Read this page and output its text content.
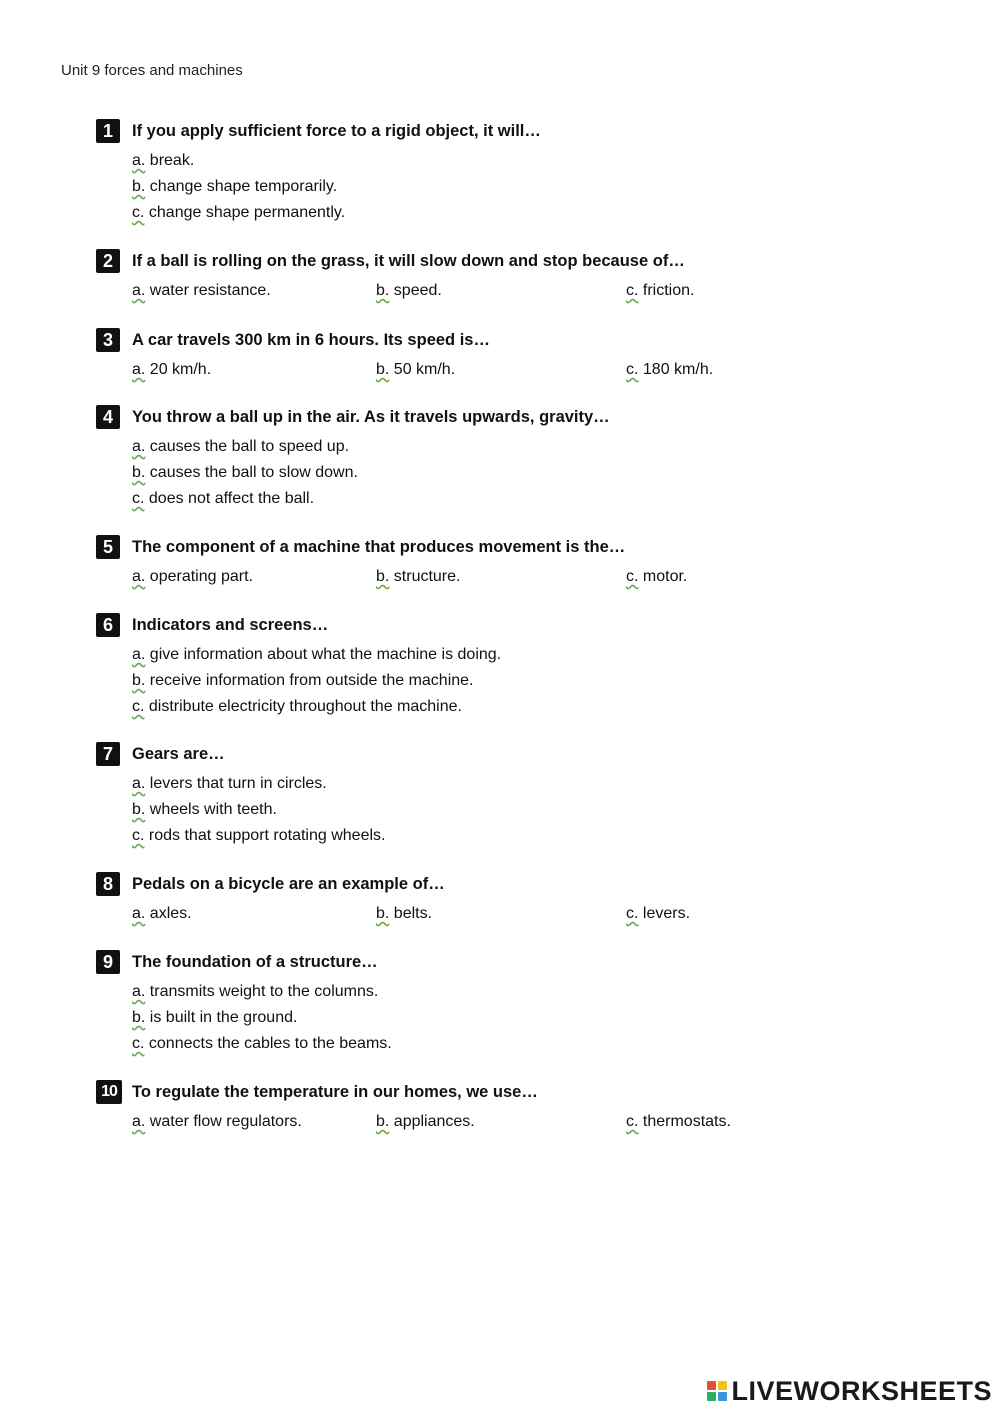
Unit 9 forces and machines
1	If you apply sufficient force to a rigid object, it will…
a. break.
b. change shape temporarily.
c. change shape permanently.
2	If a ball is rolling on the grass, it will slow down and stop because of…
a. water resistance.	b. speed.	c. friction.
3	A car travels 300 km in 6 hours. Its speed is…
a. 20 km/h.	b. 50 km/h.	c. 180 km/h.
4	You throw a ball up in the air. As it travels upwards, gravity…
a. causes the ball to speed up.
b. causes the ball to slow down.
c. does not affect the ball.
5	The component of a machine that produces movement is the…
a. operating part.	b. structure.	c. motor.
6	Indicators and screens…
a. give information about what the machine is doing.
b. receive information from outside the machine.
c. distribute electricity throughout the machine.
7	Gears are…
a. levers that turn in circles.
b. wheels with teeth.
c. rods that support rotating wheels.
8	Pedals on a bicycle are an example of…
a. axles.	b. belts.	c. levers.
9	The foundation of a structure…
a. transmits weight to the columns.
b. is built in the ground.
c. connects the cables to the beams.
10 To regulate the temperature in our homes, we use…
a. water flow regulators.	b. appliances.	c. thermostats.
LIVEWORKSHEETS
